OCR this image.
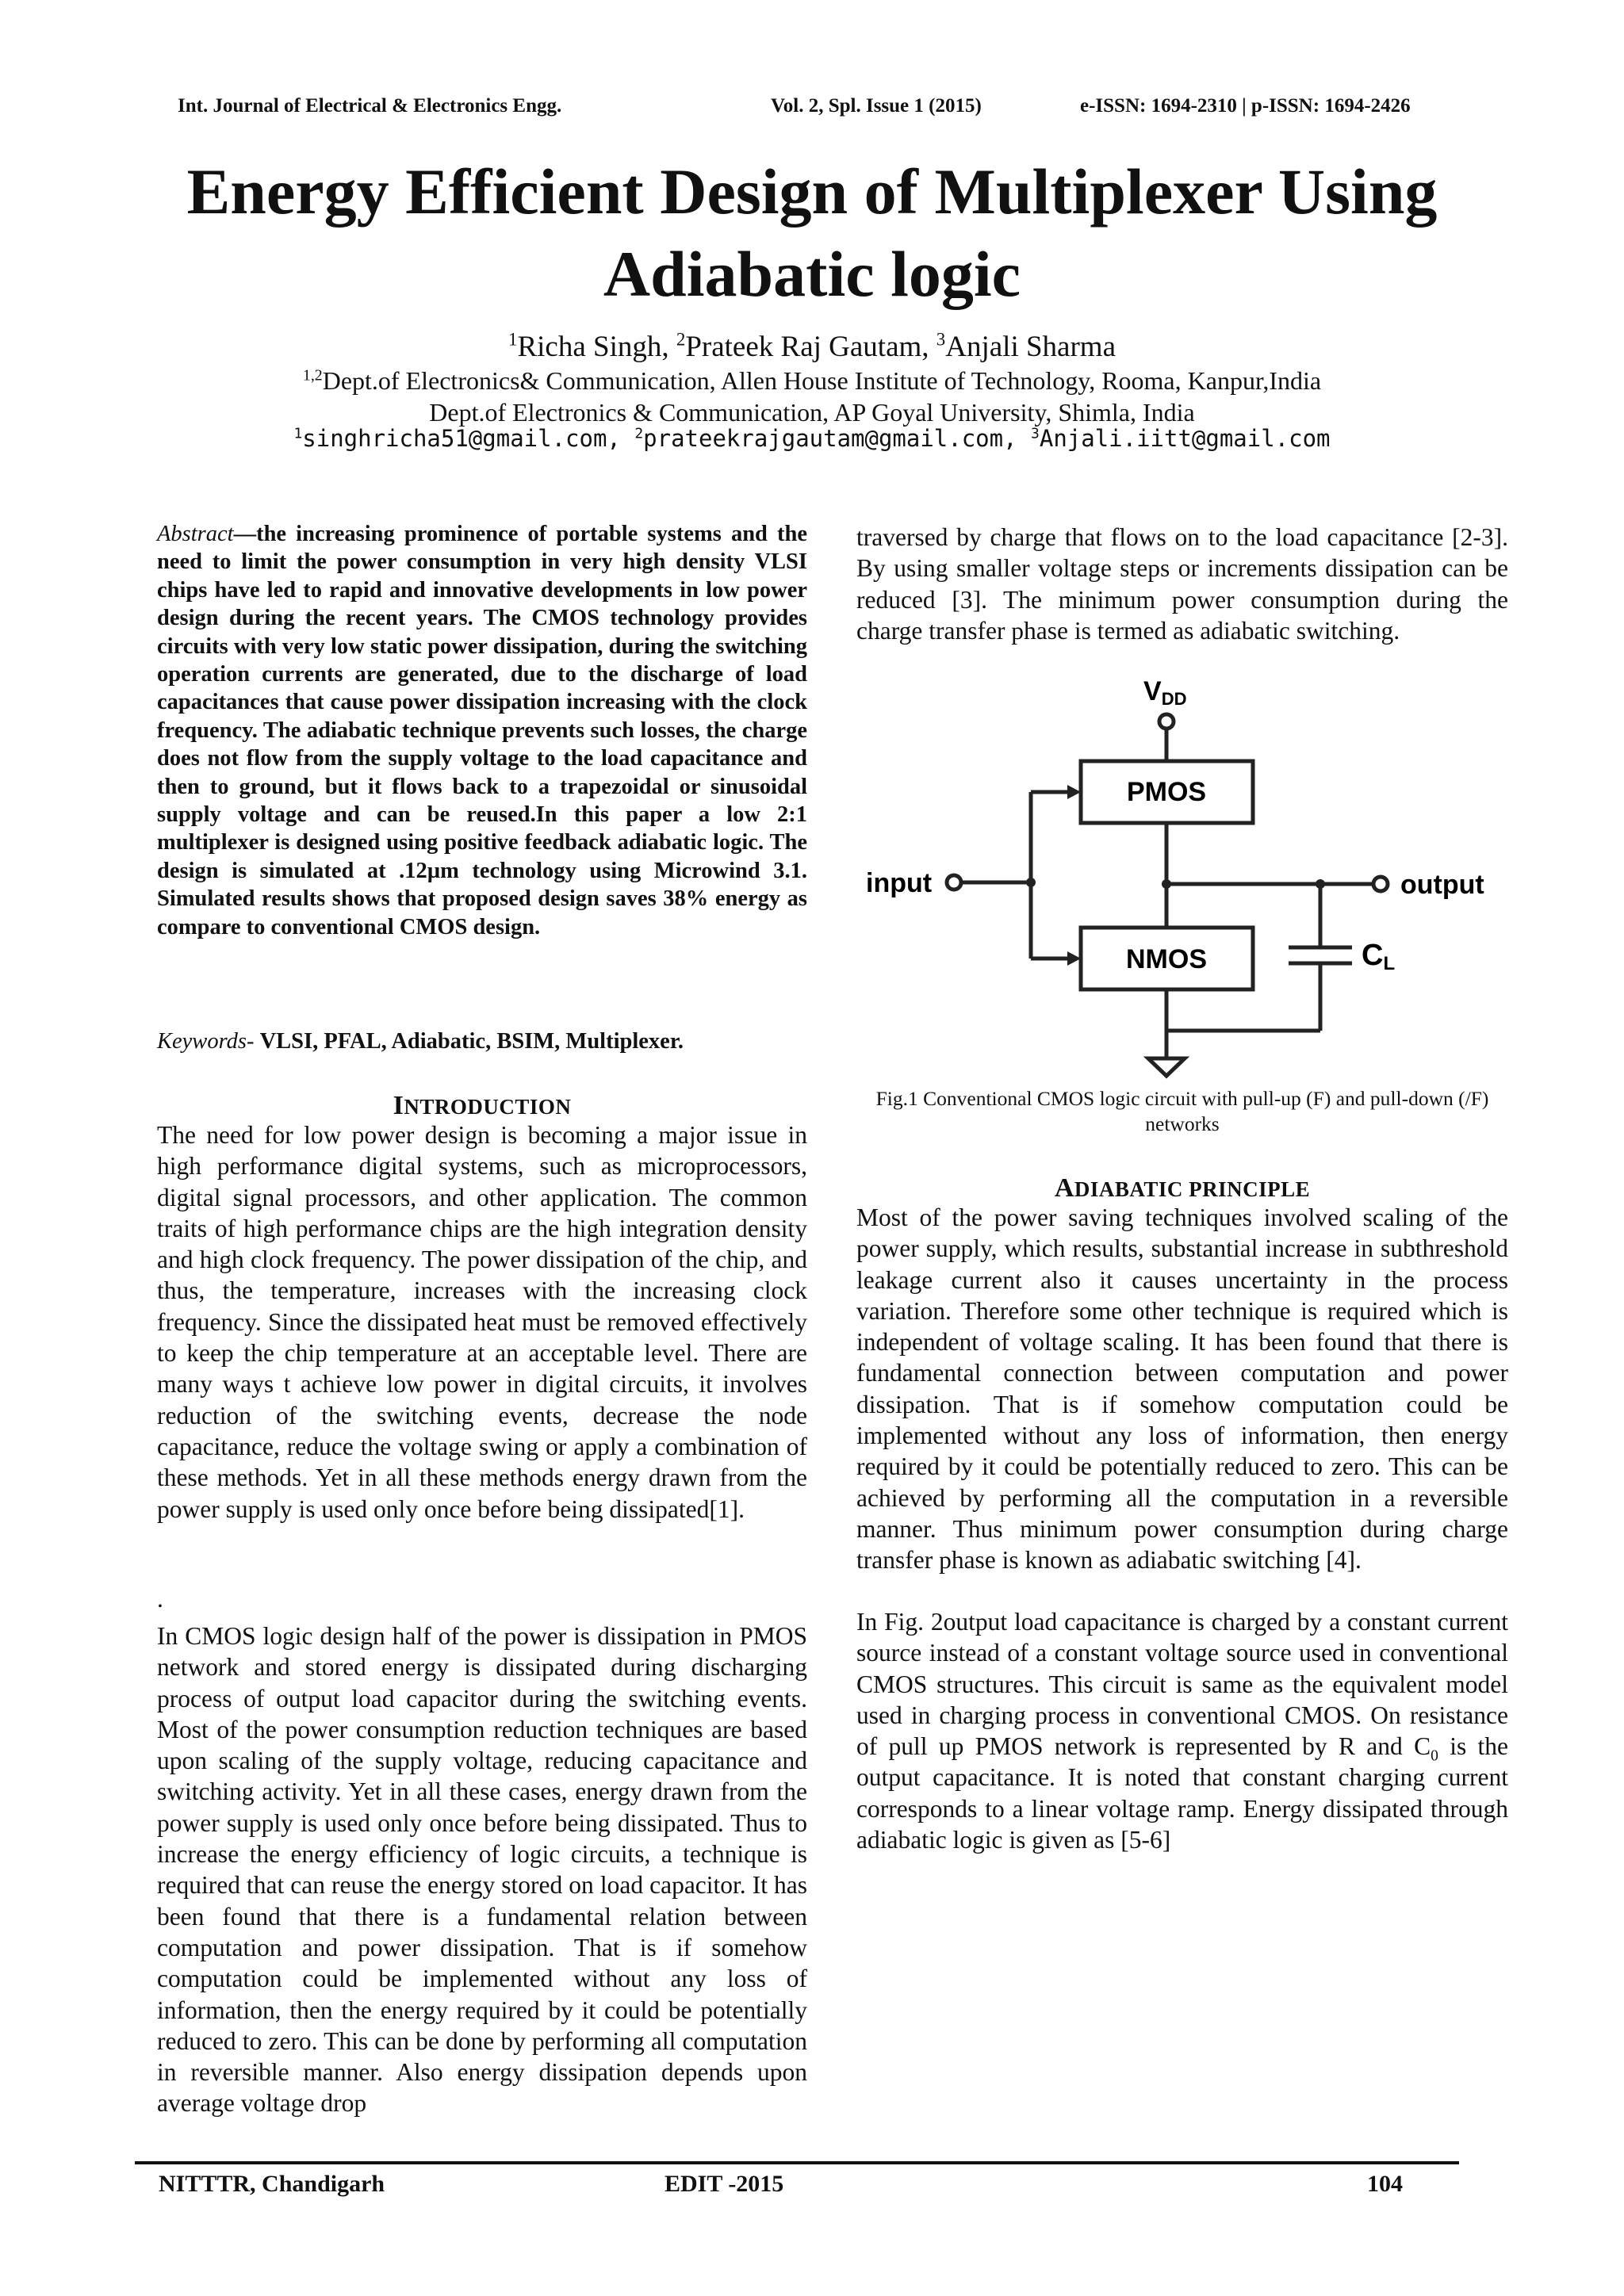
Int. Journal of Electrical & Electronics Engg.	Vol. 2, Spl. Issue 1 (2015)	e-ISSN: 1694-2310 | p-ISSN: 1694-2426
Energy Efficient Design of Multiplexer Using
Adiabatic logic
$^1$Richa Singh, $^2$Prateek Raj Gautam, $^3$Anjali Sharma
$^{1,2}$Dept.of Electronics& Communication, Allen House Institute of Technology, Rooma, Kanpur,India
Dept.of Electronics & Communication, AP Goyal University, Shimla, India
$^1$singhricha51@gmail.com, $^2$prateekrajgautam@gmail.com, $^3$Anjali.iitt@gmail.com
Abstract—the increasing prominence of portable systems and the need to limit the power consumption in very high density VLSI chips have led to rapid and innovative developments in low power design during the recent years. The CMOS technology provides circuits with very low static power dissipation, during the switching operation currents are generated, due to the discharge of load capacitances that cause power dissipation increasing with the clock frequency. The adiabatic technique prevents such losses, the charge does not flow from the supply voltage to the load capacitance and then to ground, but it flows back to a trapezoidal or sinusoidal supply voltage and can be reused.In this paper a low 2:1 multiplexer is designed using positive feedback adiabatic logic. The design is simulated at .12µm technology using Microwind 3.1. Simulated results shows that proposed design saves 38% energy as compare to conventional CMOS design.
Keywords- VLSI, PFAL, Adiabatic, BSIM, Multiplexer.
INTRODUCTION
The need for low power design is becoming a major issue in high performance digital systems, such as microprocessors, digital signal processors, and other application. The common traits of high performance chips are the high integration density and high clock frequency. The power dissipation of the chip, and thus, the temperature, increases with the increasing clock frequency. Since the dissipated heat must be removed effectively to keep the chip temperature at an acceptable level. There are many ways t achieve low power in digital circuits, it involves reduction of the switching events, decrease the node capacitance, reduce the voltage swing or apply a combination of these methods. Yet in all these methods energy drawn from the power supply is used only once before being dissipated[1].
.
In CMOS logic design half of the power is dissipation in PMOS network and stored energy is dissipated during discharging process of output load capacitor during the switching events. Most of the power consumption reduction techniques are based upon scaling of the supply voltage, reducing capacitance and switching activity. Yet in all these cases, energy drawn from the power supply is used only once before being dissipated. Thus to increase the energy efficiency of logic circuits, a technique is required that can reuse the energy stored on load capacitor. It has been found that there is a fundamental relation between computation and power dissipation. That is if somehow computation could be implemented without any loss of information, then the energy required by it could be potentially reduced to zero. This can be done by performing all computation in reversible manner. Also energy dissipation depends upon average voltage drop
traversed by charge that flows on to the load capacitance [2-3]. By using smaller voltage steps or increments dissipation can be reduced [3]. The minimum power consumption during the charge transfer phase is termed as adiabatic switching.
VDD
PMOS
NMOS
input	output
CL
Fig.1 Conventional CMOS logic circuit with pull-up (F) and pull-down (/F) networks
ADIABATIC PRINCIPLE
Most of the power saving techniques involved scaling of the power supply, which results, substantial increase in subthreshold leakage current also it causes uncertainty in the process variation. Therefore some other technique is required which is independent of voltage scaling. It has been found that there is fundamental connection between computation and power dissipation. That is if somehow computation could be implemented without any loss of information, then energy required by it could be potentially reduced to zero. This can be achieved by performing all the computation in a reversible manner. Thus minimum power consumption during charge transfer phase is known as adiabatic switching [4].
In Fig. 2output load capacitance is charged by a constant current source instead of a constant voltage source used in conventional CMOS structures. This circuit is same as the equivalent model used in charging process in conventional CMOS. On resistance of pull up PMOS network is represented by R and $C_0$ is the output capacitance. It is noted that constant charging current corresponds to a linear voltage ramp. Energy dissipated through adiabatic logic is given as [5-6]
NITTTR, Chandigarh	EDIT -2015	104
